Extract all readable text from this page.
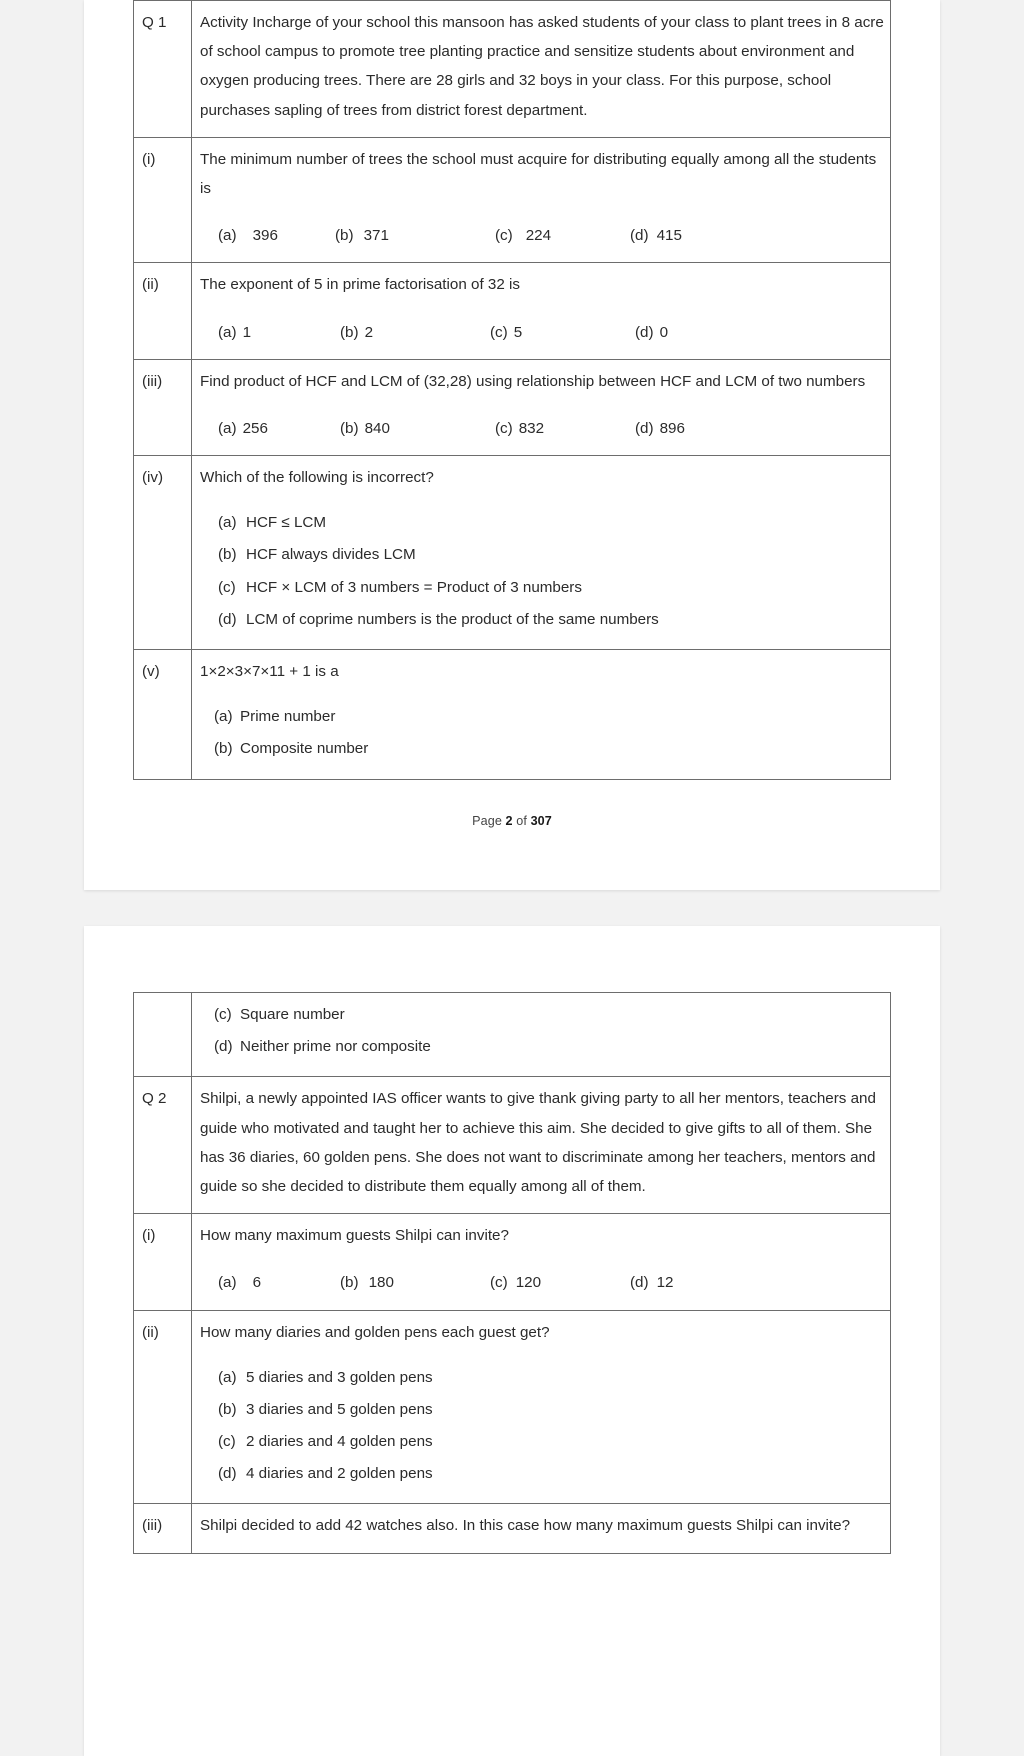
Q 1	Activity Incharge of your school this mansoon has asked students of your class to plant trees in 8 acre of school campus to promote tree planting practice and sensitize students about environment and oxygen producing trees. There are 28 girls and 32 boys in your class. For this purpose, school purchases sapling of trees from district forest department.

(i)	The minimum number of trees the school must acquire for distributing equally among all the students is

(a) 396 (b) 371 (c) 224 (d) 415

(ii)	The exponent of 5 in prime factorisation of 32 is

(a) 1 (b) 2 (c) 5 (d) 0

(iii)	Find product of HCF and LCM of (32,28) using relationship between HCF and LCM of two numbers

(a) 256 (b) 840 (c) 832 (d) 896

(iv)	Which of the following is incorrect?

(a) HCF ≤ LCM
(b) HCF always divides LCM
(c) HCF × LCM of 3 numbers = Product of 3 numbers
(d) LCM of coprime numbers is the product of the same numbers

(v)	1×2×3×7×11 + 1 is a

(a) Prime number
(b) Composite number
Page 2 of 307

	(c) Square number
(d) Neither prime nor composite

Q 2	Shilpi, a newly appointed IAS officer wants to give thank giving party to all her mentors, teachers and guide who motivated and taught her to achieve this aim. She decided to give gifts to all of them. She has 36 diaries, 60 golden pens. She does not want to discriminate among her teachers, mentors and guide so she decided to distribute them equally among all of them.

(i)	How many maximum guests Shilpi can invite?

(a) 6 (b) 180 (c) 120 (d) 12

(ii)	How many diaries and golden pens each guest get?

(a) 5 diaries and 3 golden pens
(b) 3 diaries and 5 golden pens
(c) 2 diaries and 4 golden pens
(d) 4 diaries and 2 golden pens

(iii)	Shilpi decided to add 42 watches also. In this case how many maximum guests Shilpi can invite?
